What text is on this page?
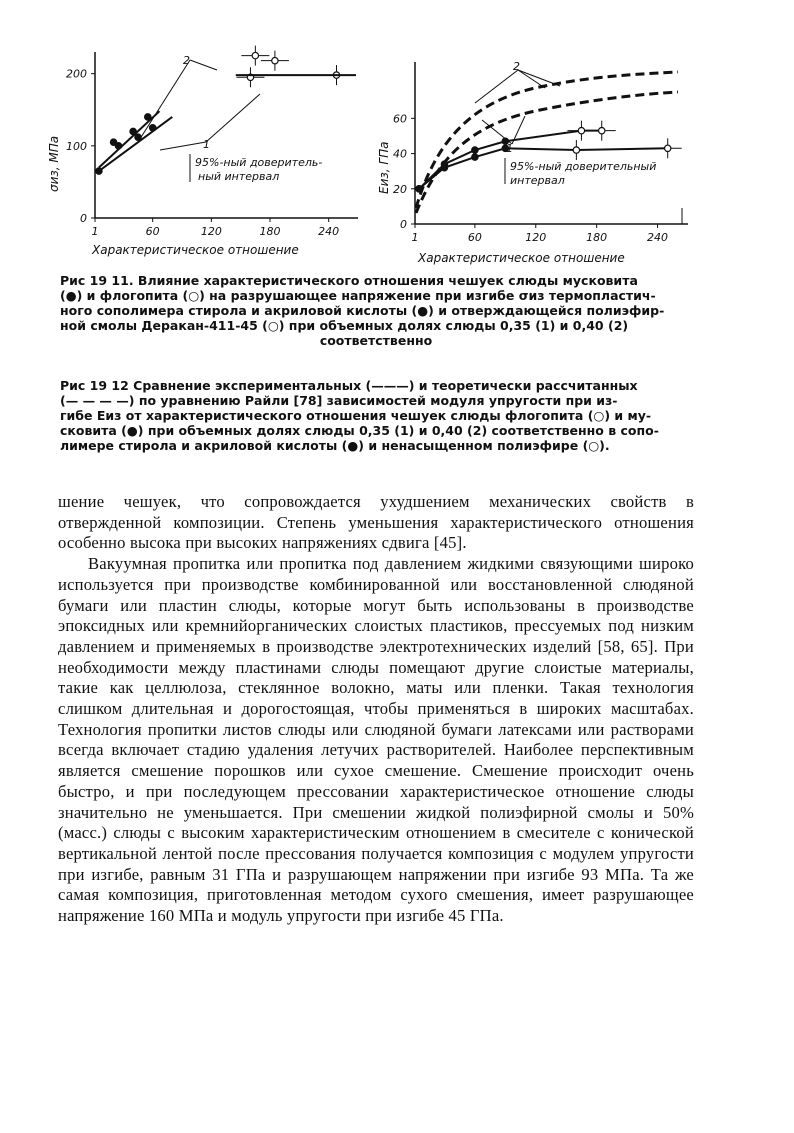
0
100
200
1	60	120	180	240
σиз, МПа
Характеристическое отношение
2
1
95%-ный доверитель-
ный интервал
0
20
40
60
1	60	120	180	240
Eиз, ГПа
Характеристическое отношение
2
1
95%-ный доверительный
интервал
Рис 19 11. Влияние характеристического отношения чешуек слюды мусковита
(●) и флогопита (○) на разрушающее напряжение при изгибе σиз термопластич-
ного сополимера стирола и акриловой кислоты (●) и отверждающейся полиэфир-
ной смолы Деракан-411-45 (○) при объемных долях слюды 0,35 (1) и 0,40 (2)
соответственно
Рис 19 12 Сравнение экспериментальных (———) и теоретически рассчитанных
(— — — —) по уравнению Райли [78] зависимостей модуля упругости при из-
гибе Eиз от характеристического отношения чешуек слюды флогопита (○) и му-
сковита (●) при объемных долях слюды 0,35 (1) и 0,40 (2) соответственно в сопо-
лимере стирола и акриловой кислоты (●) и ненасыщенном полиэфире (○).

шение чешуек, что сопровождается ухудшением механических свойств в отвержденной композиции. Степень уменьшения характеристического отношения особенно высока при высоких напряжениях сдвига [45].

Вакуумная пропитка или пропитка под давлением жидкими связующими широко используется при производстве комбинированной или восстановленной слюдяной бумаги или пластин слюды, которые могут быть использованы в производстве эпоксидных или кремнийорганических слоистых пластиков, прессуемых под низким давлением и применяемых в производстве электротехнических изделий [58, 65]. При необходимости между пластинами слюды помещают другие слоистые материалы, такие как целлюлоза, стеклянное волокно, маты или пленки. Такая технология слишком длительная и дорогостоящая, чтобы применяться в широких масштабах. Технология пропитки листов слюды или слюдяной бумаги латексами или растворами всегда включает стадию удаления летучих растворителей. Наиболее перспективным является смешение порошков или сухое смешение. Смешение происходит очень быстро, и при последующем прессовании характеристическое отношение слюды значительно не уменьшается. При смешении жидкой полиэфирной смолы и 50% (масс.) слюды с высоким характеристическим отношением в смесителе с конической вертикальной лентой после прессования получается композиция с модулем упругости при изгибе, равным 31 ГПа и разрушающем напряжении при изгибе 93 МПа. Та же самая композиция, приготовленная методом сухого смешения, имеет разрушающее напряжение 160 МПа и модуль упругости при изгибе 45 ГПа.
